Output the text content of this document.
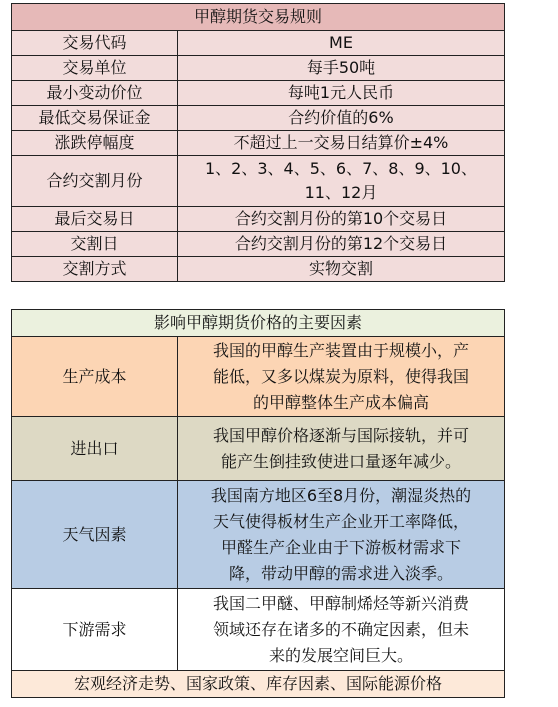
甲醇期货交易规则	
交易代码	ME
交易单位	每手50吨
最小变动价位	每吨1元人民币
最低交易保证金	合约价值的6%
涨跌停幅度	不超过上一交易日结算价±4%
合约交割月份	1、2、3、4、5、6、7、8、9、10、
11、12月

最后交易日	合约交割月份的第10个交易日
交割日	合约交割月份的第12个交易日
交割方式	实物交割
影响甲醇期货价格的主要因素	
生产成本	我国的甲醇生产装置由于规模小，产
能低，又多以煤炭为原料，使得我国
的甲醇整体生产成本偏高

进出口	我国甲醇价格逐渐与国际接轨，并可
能产生倒挂致使进口量逐年减少。

天气因素	我国南方地区6至8月份，潮湿炎热的
天气使得板材生产企业开工率降低，
甲醛生产企业由于下游板材需求下
降，带动甲醇的需求进入淡季。

下游需求	我国二甲醚、甲醇制烯烃等新兴消费
领域还存在诸多的不确定因素，但未
来的发展空间巨大。

宏观经济走势、国家政策、库存因素、国际能源价格	
